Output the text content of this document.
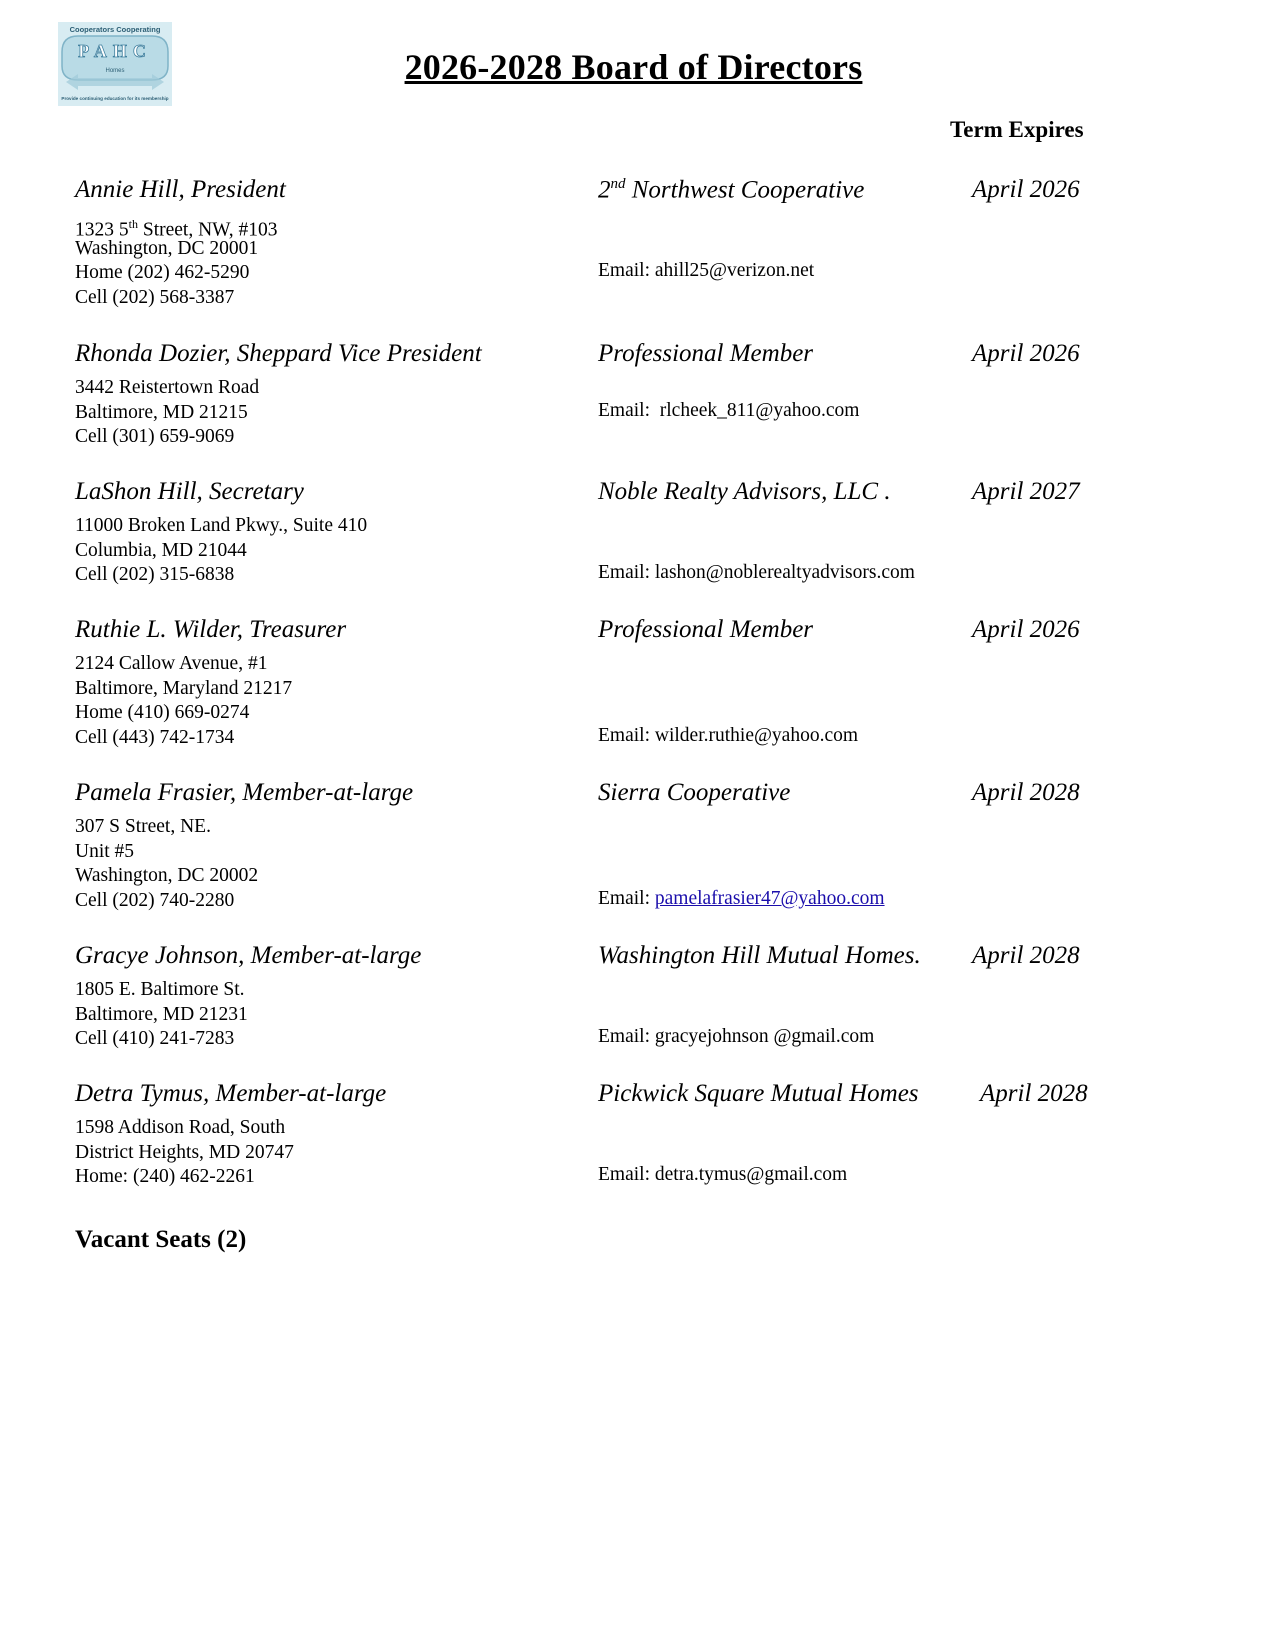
Cooperators Cooperating
PAHC
Homes
Provide continuing education for its membership
2026-2028 Board of Directors
Term Expires
Annie Hill, President	2nd Northwest Cooperative	April 2026
1323 5th Street, NW, #103
Washington, DC 20001
Home (202) 462-5290
Cell (202) 568-3387
Email: ahill25@verizon.net
Rhonda Dozier, Sheppard Vice President	Professional Member	April 2026
3442 Reistertown Road
Baltimore, MD 21215
Cell (301) 659-9069
Email: rlcheek_811@yahoo.com
LaShon Hill, Secretary	Noble Realty Advisors, LLC .	April 2027
11000 Broken Land Pkwy., Suite 410
Columbia, MD 21044
Cell (202) 315-6838	Email: lashon@noblerealtyadvisors.com
Ruthie L. Wilder, Treasurer	Professional Member	April 2026
2124 Callow Avenue, #1
Baltimore, Maryland 21217
Home (410) 669-0274
Cell (443) 742-1734	Email: wilder.ruthie@yahoo.com
Pamela Frasier, Member-at-large	Sierra Cooperative	April 2028
307 S Street, NE.
Unit #5
Washington, DC 20002
Cell (202) 740-2280	Email: pamelafrasier47@yahoo.com
Gracye Johnson, Member-at-large	Washington Hill Mutual Homes. April 2028
1805 E. Baltimore St.
Baltimore, MD 21231
Cell (410) 241-7283	Email: gracyejohnson @gmail.com
Detra Tymus, Member-at-large	Pickwick Square Mutual Homes April 2028
1598 Addison Road, South
District Heights, MD 20747
Home: (240) 462-2261	Email: detra.tymus@gmail.com
Vacant Seats (2)
